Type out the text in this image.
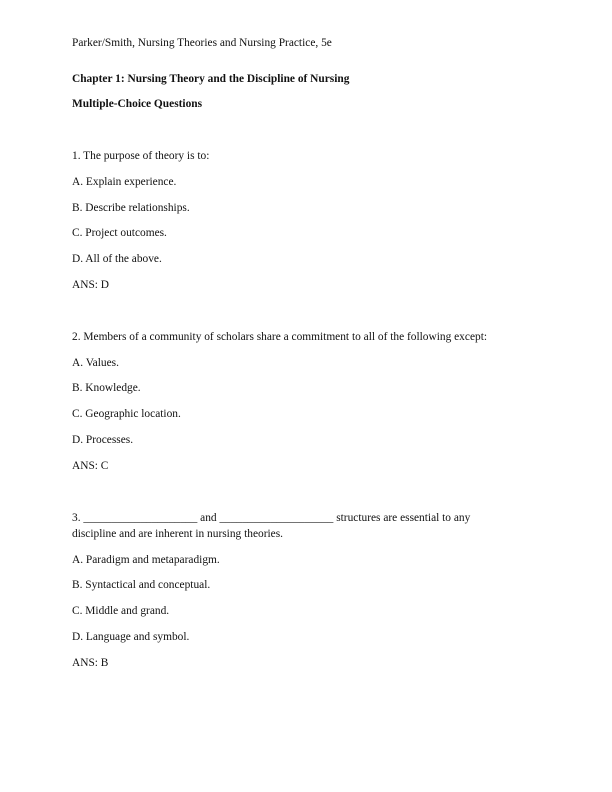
Parker/Smith, Nursing Theories and Nursing Practice, 5e
Chapter 1: Nursing Theory and the Discipline of Nursing
Multiple-Choice Questions
1. The purpose of theory is to:
A. Explain experience.
B. Describe relationships.
C. Project outcomes.
D. All of the above.
ANS: D
2. Members of a community of scholars share a commitment to all of the following except:
A. Values.
B. Knowledge.
C. Geographic location.
D. Processes.
ANS: C
3. ____________________ and ____________________ structures are essential to any
discipline and are inherent in nursing theories.
A. Paradigm and metaparadigm.
B. Syntactical and conceptual.
C. Middle and grand.
D. Language and symbol.
ANS: B
